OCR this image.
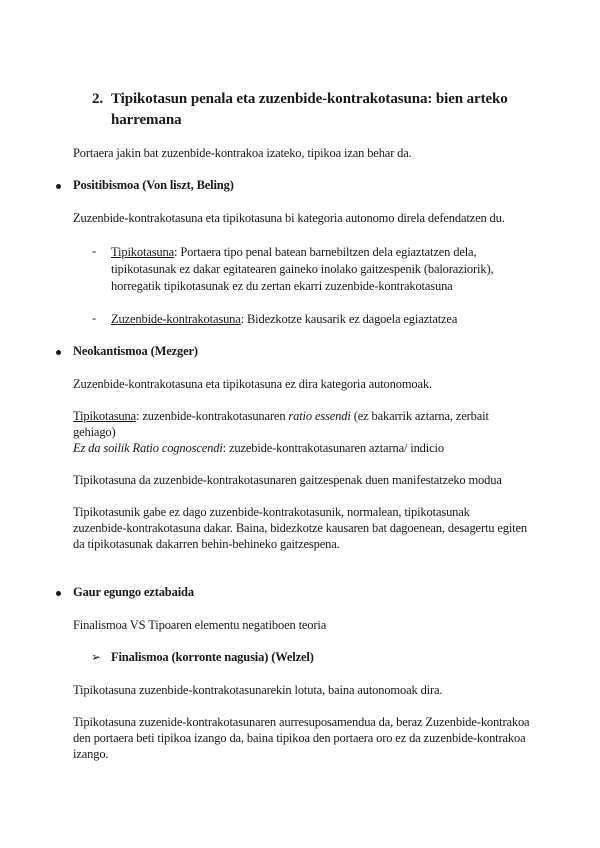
2. Tipikotasun penala eta zuzenbide-kontrakotasuna: bien arteko
harremana
Portaera jakin bat zuzenbide-kontrakoa izateko, tipikoa izan behar da.
Positibismoa (Von liszt, Beling)
Zuzenbide-kontrakotasuna eta tipikotasuna bi kategoria autonomo direla defendatzen du.
- Tipikotasuna: Portaera tipo penal batean barnebiltzen dela egiaztatzen dela,
tipikotasunak ez dakar egitatearen gaineko inolako gaitzespenik (baloraziorik),
horregatik tipikotasunak ez du zertan ekarri zuzenbide-kontrakotasuna
- Zuzenbide-kontrakotasuna: Bidezkotze kausarik ez dagoela egiaztatzea
Neokantismoa (Mezger)
Zuzenbide-kontrakotasuna eta tipikotasuna ez dira kategoria autonomoak.
Tipikotasuna: zuzenbide-kontrakotasunaren ratio essendi (ez bakarrik aztarna, zerbait
gehiago)
Ez da soilik Ratio cognoscendi: zuzebide-kontrakotasunaren aztarna/ indicio
Tipikotasuna da zuzenbide-kontrakotasunaren gaitzespenak duen manifestatzeko modua
Tipikotasunik gabe ez dago zuzenbide-kontrakotasunik, normalean, tipikotasunak
zuzenbide-kontrakotasuna dakar. Baina, bidezkotze kausaren bat dagoenean, desagertu egiten
da tipikotasunak dakarren behin-behineko gaitzespena.
Gaur egungo eztabaida
Finalismoa VS Tipoaren elementu negatiboen teoria
➢ Finalismoa (korronte nagusia) (Welzel)
Tipikotasuna zuzenbide-kontrakotasunarekin lotuta, baina autonomoak dira.
Tipikotasuna zuzenide-kontrakotasunaren aurresuposamendua da, beraz Zuzenbide-kontrakoa
den portaera beti tipikoa izango da, baina tipikoa den portaera oro ez da zuzenbide-kontrakoa
izango.
